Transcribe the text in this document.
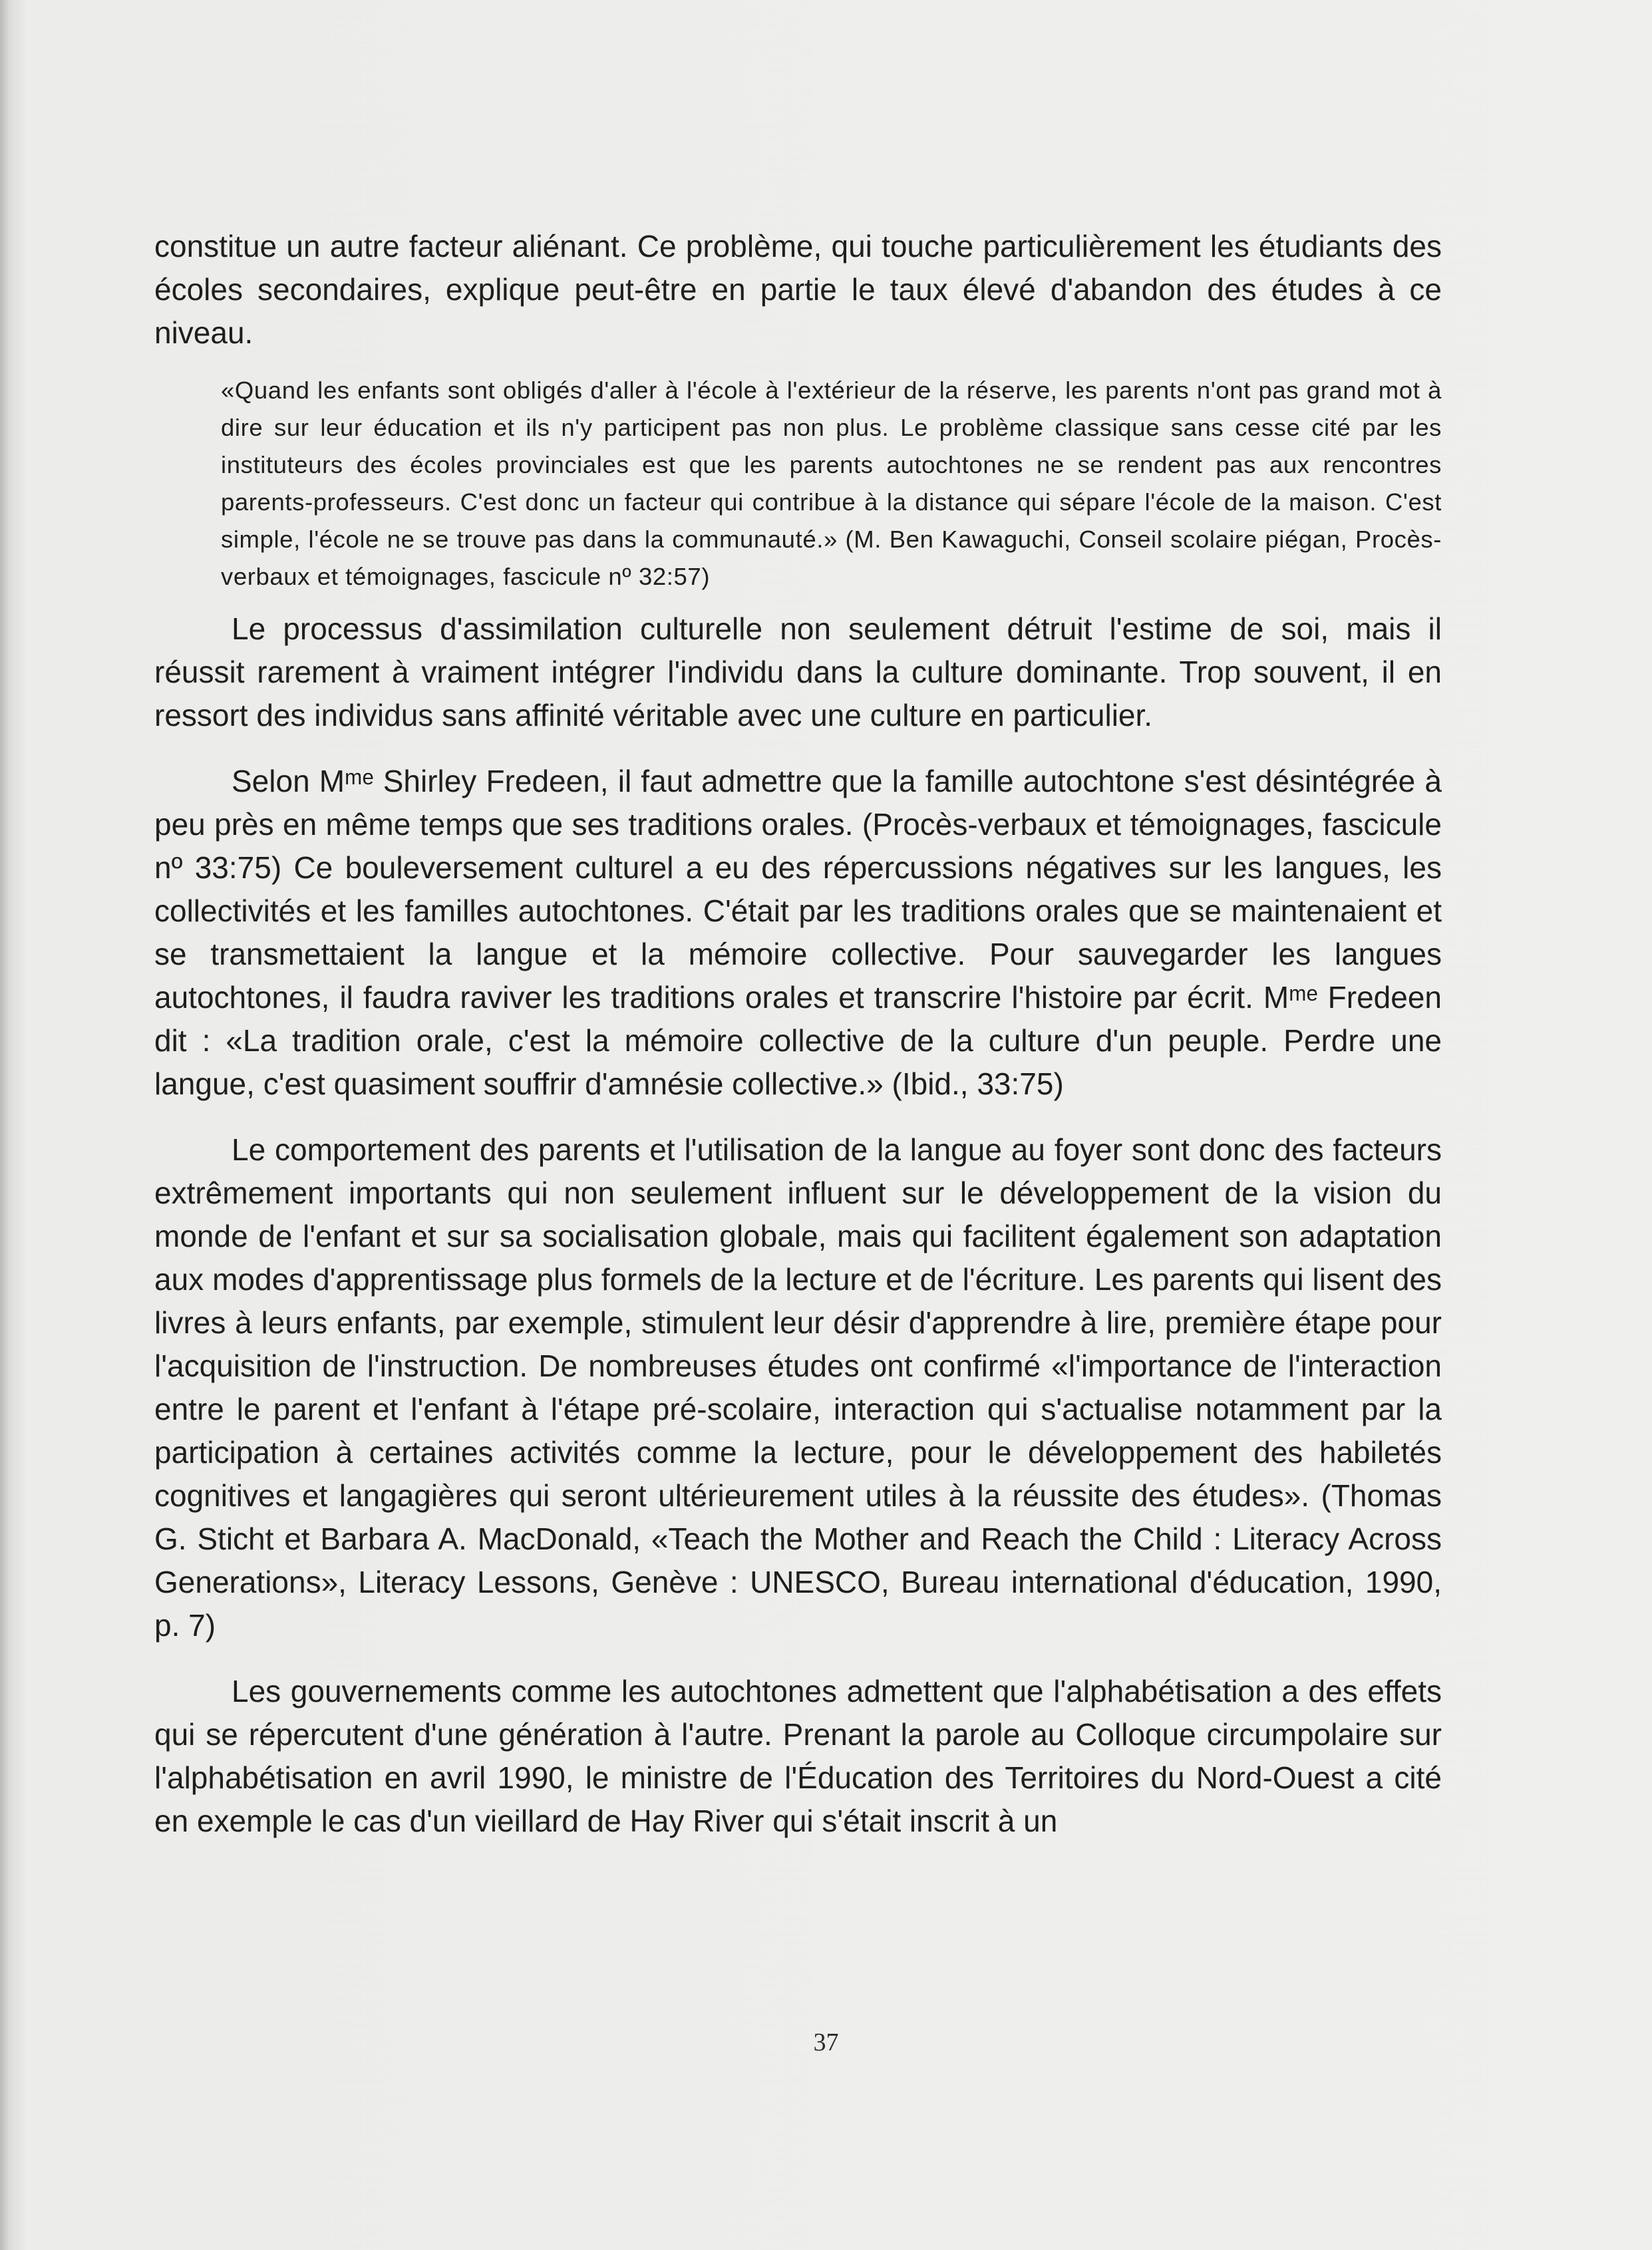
constitue un autre facteur aliénant. Ce problème, qui touche particulièrement les étudiants des écoles secondaires, explique peut-être en partie le taux élevé d'abandon des études à ce niveau.

«Quand les enfants sont obligés d'aller à l'école à l'extérieur de la réserve, les parents n'ont pas grand mot à dire sur leur éducation et ils n'y participent pas non plus. Le problème classique sans cesse cité par les instituteurs des écoles provinciales est que les parents autochtones ne se rendent pas aux rencontres parents-professeurs. C'est donc un facteur qui contribue à la distance qui sépare l'école de la maison. C'est simple, l'école ne se trouve pas dans la communauté.» (M. Ben Kawaguchi, Conseil scolaire piégan, Procès-verbaux et témoignages, fascicule nº 32:57)

Le processus d'assimilation culturelle non seulement détruit l'estime de soi, mais il réussit rarement à vraiment intégrer l'individu dans la culture dominante. Trop souvent, il en ressort des individus sans affinité véritable avec une culture en particulier.

Selon Mᵐᵉ Shirley Fredeen, il faut admettre que la famille autochtone s'est désintégrée à peu près en même temps que ses traditions orales. (Procès-verbaux et témoignages, fascicule nº 33:75) Ce bouleversement culturel a eu des répercussions négatives sur les langues, les collectivités et les familles autochtones. C'était par les traditions orales que se maintenaient et se transmettaient la langue et la mémoire collective. Pour sauvegarder les langues autochtones, il faudra raviver les traditions orales et transcrire l'histoire par écrit. Mᵐᵉ Fredeen dit : «La tradition orale, c'est la mémoire collective de la culture d'un peuple. Perdre une langue, c'est quasiment souffrir d'amnésie collective.» (Ibid., 33:75)

Le comportement des parents et l'utilisation de la langue au foyer sont donc des facteurs extrêmement importants qui non seulement influent sur le développement de la vision du monde de l'enfant et sur sa socialisation globale, mais qui facilitent également son adaptation aux modes d'apprentissage plus formels de la lecture et de l'écriture. Les parents qui lisent des livres à leurs enfants, par exemple, stimulent leur désir d'apprendre à lire, première étape pour l'acquisition de l'instruction. De nombreuses études ont confirmé «l'importance de l'interaction entre le parent et l'enfant à l'étape pré-scolaire, interaction qui s'actualise notamment par la participation à certaines activités comme la lecture, pour le développement des habiletés cognitives et langagières qui seront ultérieurement utiles à la réussite des études». (Thomas G. Sticht et Barbara A. MacDonald, «Teach the Mother and Reach the Child : Literacy Across Generations», Literacy Lessons, Genève : UNESCO, Bureau international d'éducation, 1990, p. 7)

Les gouvernements comme les autochtones admettent que l'alphabétisation a des effets qui se répercutent d'une génération à l'autre. Prenant la parole au Colloque circumpolaire sur l'alphabétisation en avril 1990, le ministre de l'Éducation des Territoires du Nord-Ouest a cité en exemple le cas d'un vieillard de Hay River qui s'était inscrit à un

37
